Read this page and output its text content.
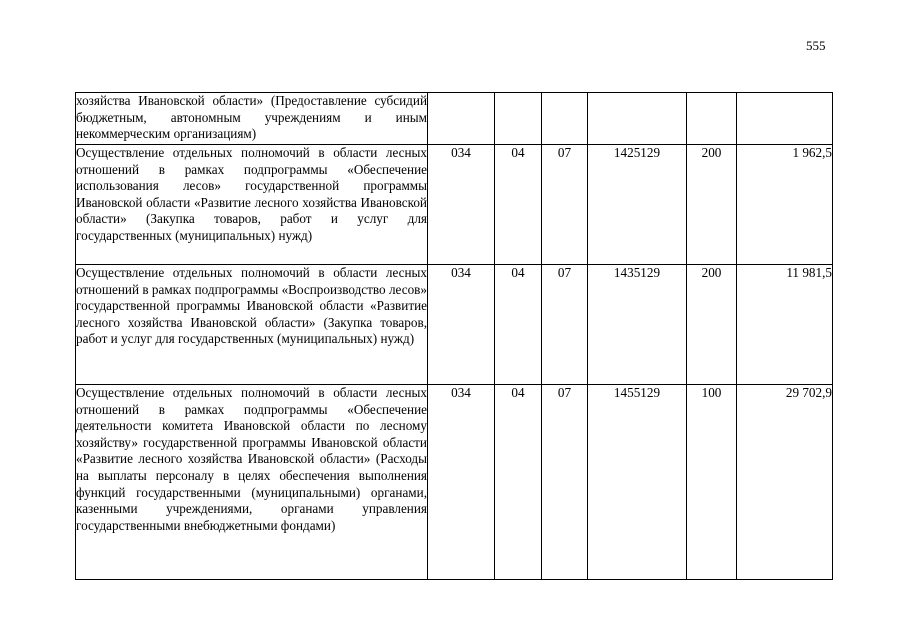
555
хозяйства Ивановской области» (Предоставление субсидий бюджетным, автономным учреждениям и иным некоммерческим организациям)						

Осуществление отдельных полномочий в области лесных отношений в рамках подпрограммы «Обеспечение использования лесов» государственной программы Ивановской области «Развитие лесного хозяйства Ивановской области» (Закупка товаров, работ и услуг для государственных (муниципальных) нужд)	034	04	07	1425129	200	1 962,5

Осуществление отдельных полномочий в области лесных отношений в рамках подпрограммы «Воспроизводство лесов» государственной программы Ивановской области «Развитие лесного хозяйства Ивановской области» (Закупка товаров, работ и услуг для государственных (муниципальных) нужд)	034	04	07	1435129	200	11 981,5

Осуществление отдельных полномочий в области лесных отношений в рамках подпрограммы «Обеспечение деятельности комитета Ивановской области по лесному хозяйству» государственной программы Ивановской области «Развитие лесного хозяйства Ивановской области» (Расходы на выплаты персоналу в целях обеспечения выполнения функций государственными (муниципальными) органами, казенными учреждениями, органами управления государственными внебюджетными фондами)	034	04	07	1455129	100	29 702,9
